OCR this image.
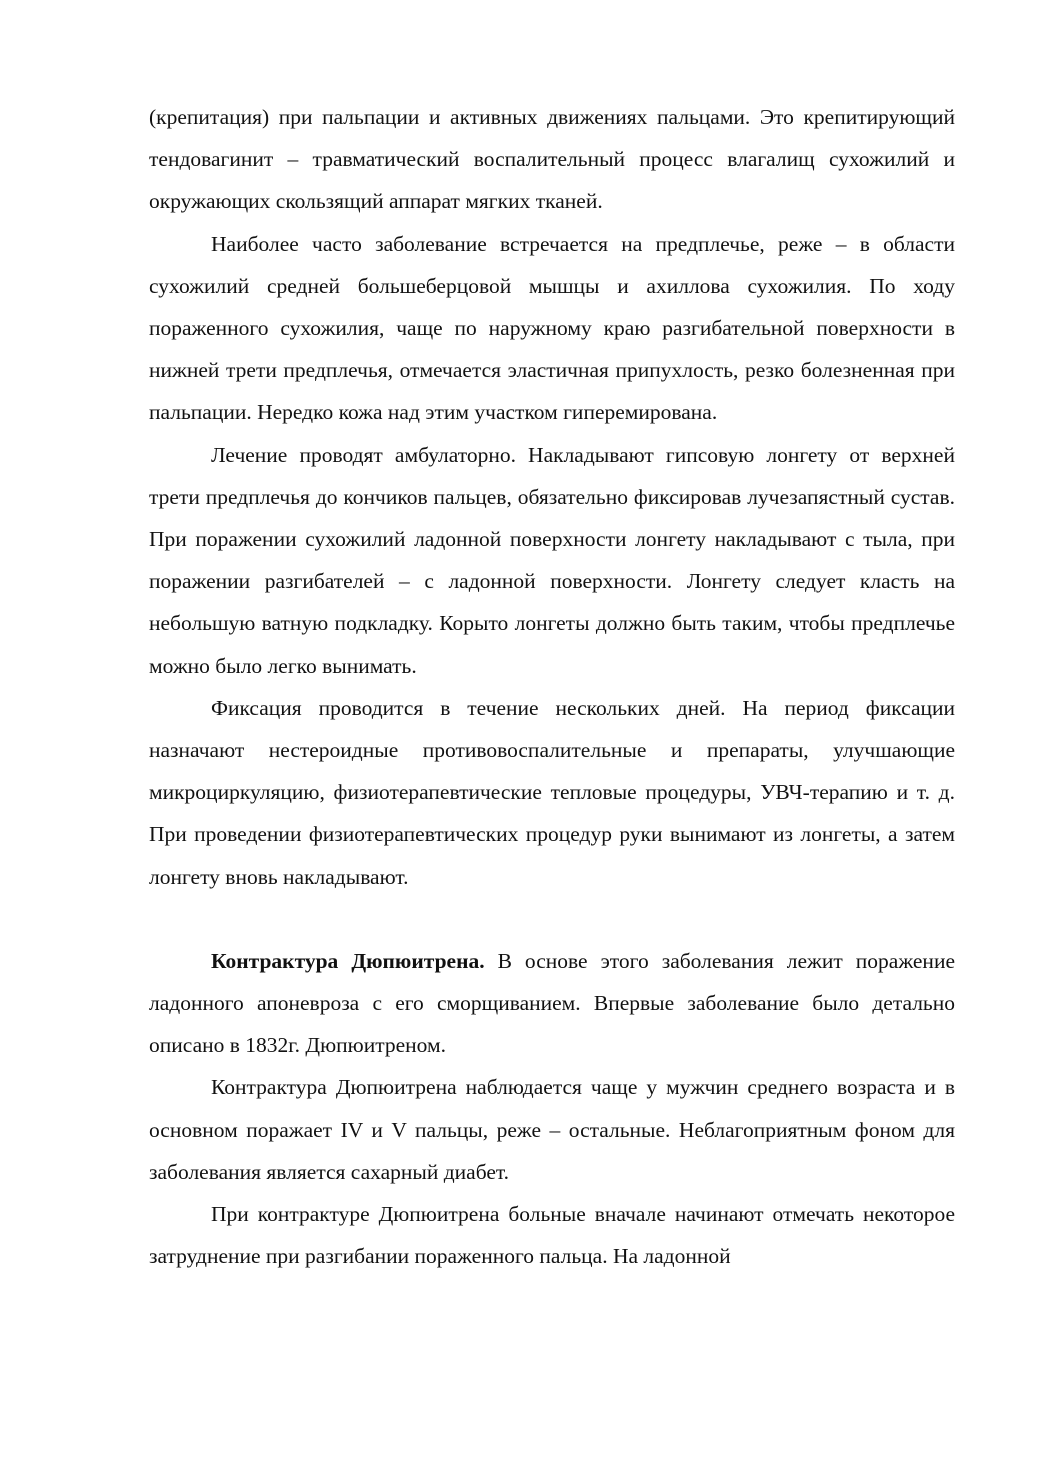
(крепитация) при пальпации и активных движениях пальцами. Это крепитирующий тендовагинит – травматический воспалительный процесс влагалищ сухожилий и окружающих скользящий аппарат мягких тканей.

Наиболее часто заболевание встречается на предплечье, реже – в области сухожилий средней большеберцовой мышцы и ахиллова сухожилия. По ходу пораженного сухожилия, чаще по наружному краю разгибательной поверхности в нижней трети предплечья, отмечается эластичная припухлость, резко болезненная при пальпации. Нередко кожа над этим участком гиперемирована.

Лечение проводят амбулаторно. Накладывают гипсовую лонгету от верхней трети предплечья до кончиков пальцев, обязательно фиксировав лучезапястный сустав. При поражении сухожилий ладонной поверхности лонгету накладывают с тыла, при поражении разгибателей – с ладонной поверхности. Лонгету следует класть на небольшую ватную подкладку. Корыто лонгеты должно быть таким, чтобы предплечье можно было легко вынимать.

Фиксация проводится в течение нескольких дней. На период фиксации назначают нестероидные противовоспалительные и препараты, улучшающие микроциркуляцию, физиотерапевтические тепловые процедуры, УВЧ-терапию и т. д. При проведении физиотерапевтических процедур руки вынимают из лонгеты, а затем лонгету вновь накладывают.

Контрактура Дюпюитрена. В основе этого заболевания лежит поражение ладонного апоневроза с его сморщиванием. Впервые заболевание было детально описано в 1832г. Дюпюитреном.

Контрактура Дюпюитрена наблюдается чаще у мужчин среднего возраста и в основном поражает IV и V пальцы, реже – остальные. Неблагоприятным фоном для заболевания является сахарный диабет.

При контрактуре Дюпюитрена больные вначале начинают отмечать некоторое затруднение при разгибании пораженного пальца. На ладонной
